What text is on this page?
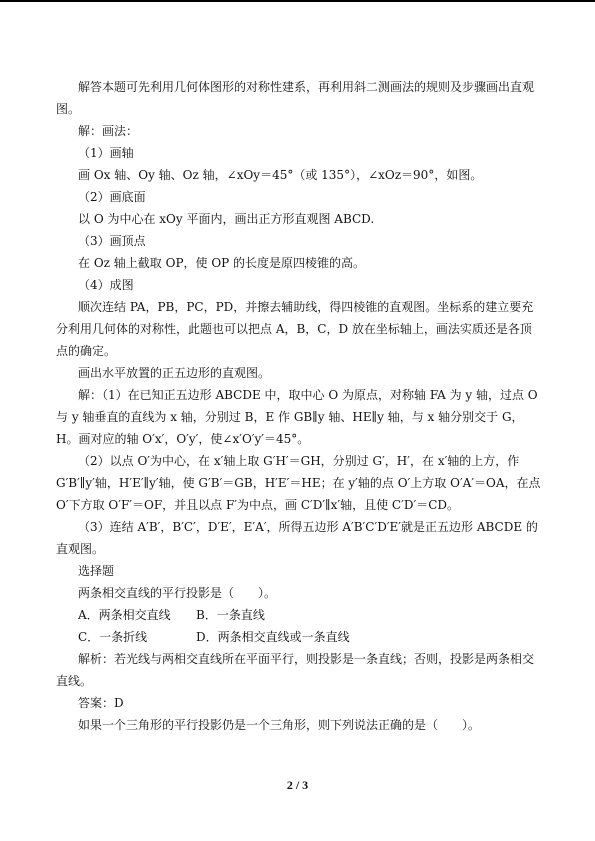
解答本题可先利用几何体图形的对称性建系，再利用斜二测画法的规则及步骤画出直观图。

解：画法：

（1）画轴

画 Ox 轴、Oy 轴、Oz 轴，∠xOy＝45°（或 135°），∠xOz＝90°，如图。

（2）画底面

以 O 为中心在 xOy 平面内，画出正方形直观图 ABCD.

（3）画顶点

在 Oz 轴上截取 OP，使 OP 的长度是原四棱锥的高。

（4）成图

顺次连结 PA，PB，PC，PD，并擦去辅助线，得四棱锥的直观图。坐标系的建立要充分利用几何体的对称性，此题也可以把点 A，B，C，D 放在坐标轴上，画法实质还是各顶点的确定。

画出水平放置的正五边形的直观图。

解：（1）在已知正五边形 ABCDE 中，取中心 O 为原点，对称轴 FA 为 y 轴，过点 O 与 y 轴垂直的直线为 x 轴，分别过 B，E 作 GB∥y 轴、HE∥y 轴，与 x 轴分别交于 G，H。画对应的轴 O′x′，O′y′，使∠x′O′y′＝45°。

（2）以点 O′为中心，在 x′轴上取 G′H′＝GH，分别过 G′，H′，在 x′轴的上方，作 G′B′∥y′轴，H′E′∥y′轴，使 G′B′＝GB，H′E′＝HE；在 y′轴的点 O′上方取 O′A′＝OA，在点 O′下方取 O′F′＝OF，并且以点 F′为中点，画 C′D′∥x′轴，且使 C′D′＝CD。

（3）连结 A′B′，B′C′，D′E′，E′A′，所得五边形 A′B′C′D′E′就是正五边形 ABCDE 的直观图。

选择题

两条相交直线的平行投影是（　　）。

A．两条相交直线	B．一条直线
C．一条折线	D．两条相交直线或一条直线

解析：若光线与两相交直线所在平面平行，则投影是一条直线；否则，投影是两条相交直线。

答案：D

如果一个三角形的平行投影仍是一个三角形，则下列说法正确的是（　　）。

2 / 3
